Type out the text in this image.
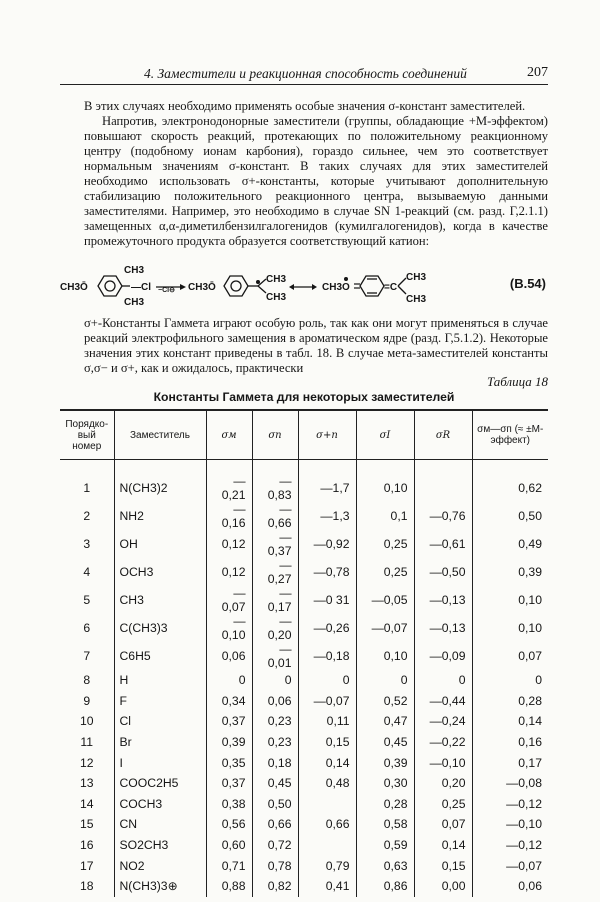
4. Заместители и реакционная способность соединений	207

В этих случаях необходимо применять особые значения σ-констант заместителей.
Напротив, электронодонорные заместители (группы, обладающие +M-эффектом) повышают скорость реакций, протекающих по положительному реакционному центру (подобному ионам карбония), гораздо сильнее, чем это соответствует нормальным значениям σ-констант. В таких случаях для этих заместителей необходимо использовать σ+-константы, которые учитывают дополнительную стабилизацию положительного реакционного центра, вызываемую данными заместителями. Например, это необходимо в случае SN 1-реакций (см. разд. Г,2.1.1) замещенных α,α-диметилбензилгалогенидов (кумилгалогенидов), когда в качестве промежуточного продукта образуется соответствующий катион:

CH3Ō
CH3
—Cl
CH3
−Cl⊖ CH3Ō
CH3
CH3
CH3O	=C
CH3
CH3
(B.54)

σ+-Константы Гаммета играют особую роль, так как они могут применяться в случае реакций электрофильного замещения в ароматическом ядре (разд. Г,5.1.2). Некоторые значения этих констант приведены в табл. 18. В случае мета-заместителей константы σ,σ− и σ+, как и ожидалось, практически

Таблица 18
Константы Гаммета для некоторых заместителей
Порядко-вый номер	Заместитель	σм	σп	σ+п	σI	σR	σм—σп (≈ ±M-эффект)
1	N(CH3)2	—0,21	—0,83	—1,7	0,10		0,62
2	NH2	—0,16	—0,66	—1,3	0,1	—0,76	0,50
3	OH	0,12	—0,37	—0,92	0,25	—0,61	0,49
4	OCH3	0,12	—0,27	—0,78	0,25	—0,50	0,39
5	CH3	—0,07	—0,17	—0 31	—0,05	—0,13	0,10
6	C(CH3)3	—0,10	—0,20	—0,26	—0,07	—0,13	0,10
7	C6H5	0,06	—0,01	—0,18	0,10	—0,09	0,07
8	H	0	0	0	0	0	0
9	F	0,34	0,06	—0,07	0,52	—0,44	0,28
10	Cl	0,37	0,23	0,11	0,47	—0,24	0,14
11	Br	0,39	0,23	0,15	0,45	—0,22	0,16
12	I	0,35	0,18	0,14	0,39	—0,10	0,17
13	COOC2H5	0,37	0,45	0,48	0,30	0,20	—0,08
14	COCH3	0,38	0,50		0,28	0,25	—0,12
15	CN	0,56	0,66	0,66	0,58	0,07	—0,10
16	SO2CH3	0,60	0,72		0,59	0,14	—0,12
17	NO2	0,71	0,78	0,79	0,63	0,15	—0,07
18	N(CH3)3⊕	0,88	0,82	0,41	0,86	0,00	0,06
